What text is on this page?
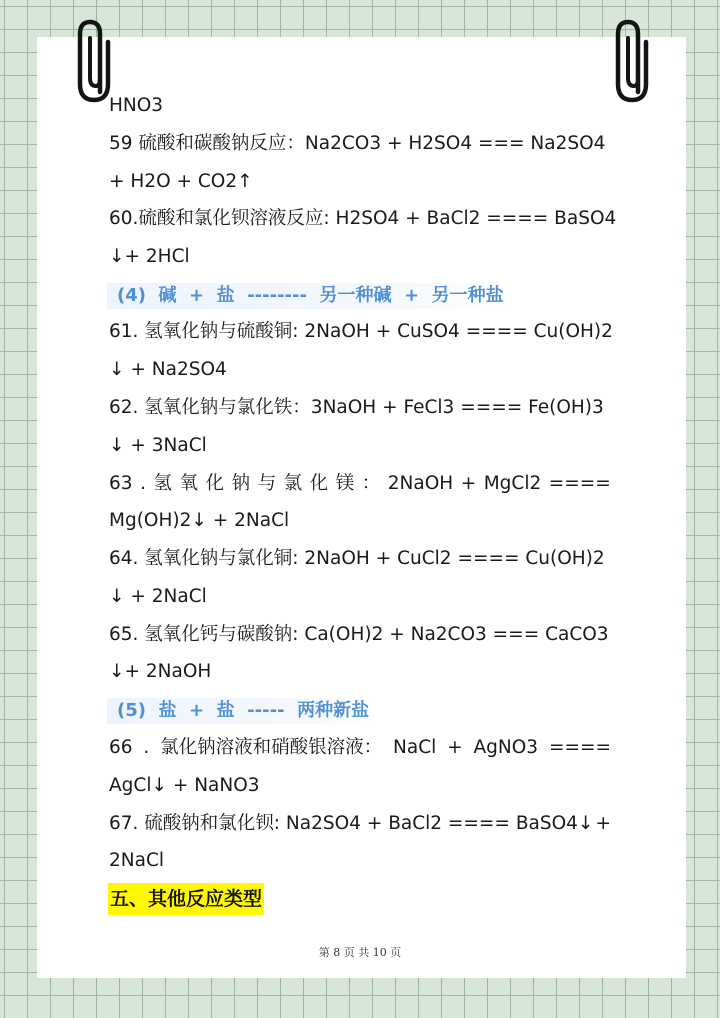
HNO3
59 硫酸和碳酸钠反应：Na2CO3 + H2SO4 === Na2SO4
+ H2O + CO2↑
60.硫酸和氯化钡溶液反应: H2SO4 + BaCl2 ==== BaSO4
↓+ 2HCl
(4)  碱  +  盐  --------  另一种碱  +  另一种盐
61. 氢氧化钠与硫酸铜: 2NaOH + CuSO4 ==== Cu(OH)2
↓ + Na2SO4
62. 氢氧化钠与氯化铁：3NaOH + FeCl3 ==== Fe(OH)3
↓ + 3NaCl
63 . 氢 氧 化 钠 与 氯 化 镁 ： 2NaOH + MgCl2 ====
Mg(OH)2↓ + 2NaCl
64. 氢氧化钠与氯化铜: 2NaOH + CuCl2 ==== Cu(OH)2
↓ + 2NaCl
65. 氢氧化钙与碳酸钠: Ca(OH)2 + Na2CO3 === CaCO3
↓+ 2NaOH
(5)  盐  +  盐  -----  两种新盐
66 . 氯化钠溶液和硝酸银溶液： NaCl + AgNO3 ====
AgCl↓ + NaNO3
67. 硫酸钠和氯化钡: Na2SO4 + BaCl2 ==== BaSO4↓ +
2NaCl
五、其他反应类型
第 8 页 共 10 页
